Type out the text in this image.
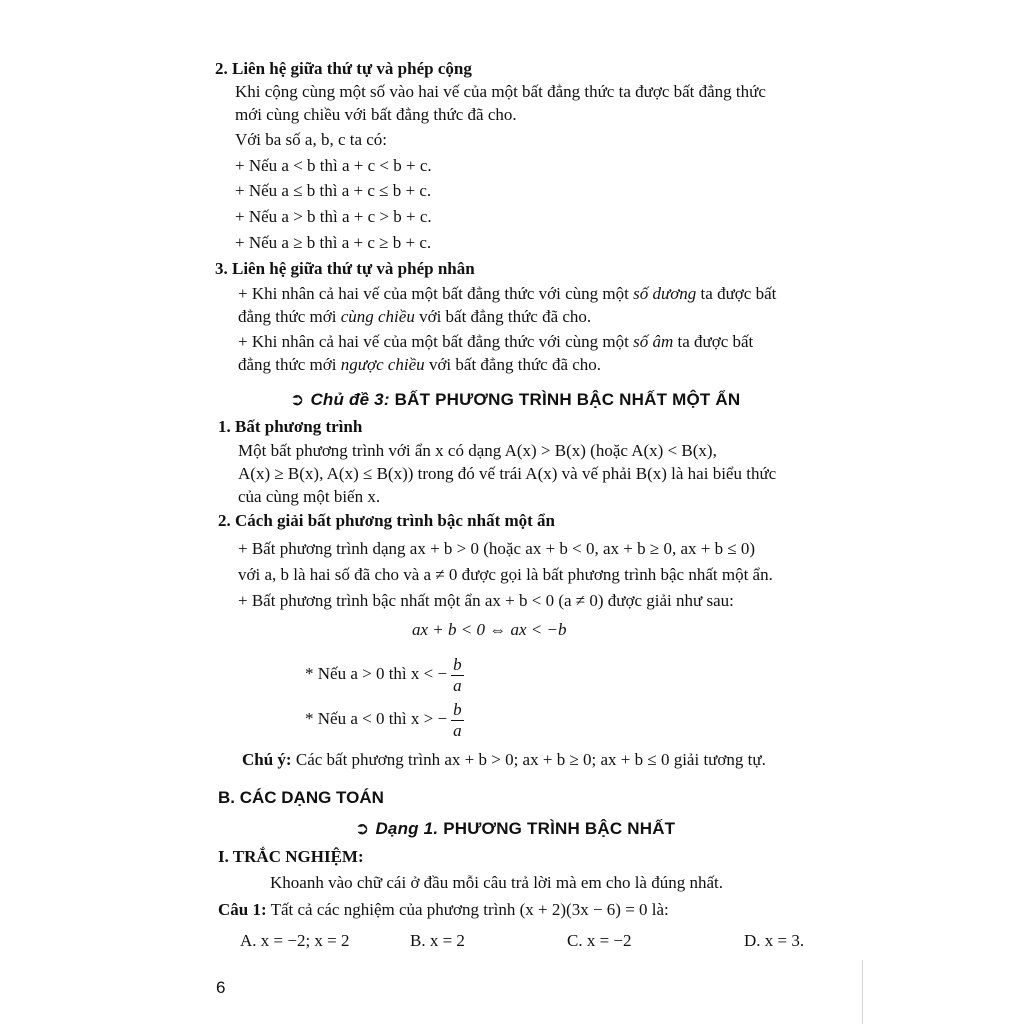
2. Liên hệ giữa thứ tự và phép cộng
Khi cộng cùng một số vào hai vế của một bất đẳng thức ta được bất đẳng thức
mới cùng chiều với bất đẳng thức đã cho.
Với ba số a, b, c ta có:
+ Nếu a < b thì a + c < b + c.
+ Nếu a ≤ b thì a + c ≤ b + c.
+ Nếu a > b thì a + c > b + c.
+ Nếu a ≥ b thì a + c ≥ b + c.
3. Liên hệ giữa thứ tự và phép nhân
+ Khi nhân cả hai vế của một bất đẳng thức với cùng một số dương ta được bất
đẳng thức mới cùng chiều với bất đẳng thức đã cho.
+ Khi nhân cả hai vế của một bất đẳng thức với cùng một số âm ta được bất
đẳng thức mới ngược chiều với bất đẳng thức đã cho.
➲ Chủ đề 3: BẤT PHƯƠNG TRÌNH BẬC NHẤT MỘT ẨN
1. Bất phương trình
Một bất phương trình với ẩn x có dạng A(x) > B(x) (hoặc A(x) < B(x),
A(x) ≥ B(x), A(x) ≤ B(x)) trong đó vế trái A(x) và vế phải B(x) là hai biểu thức
của cùng một biến x.
2. Cách giải bất phương trình bậc nhất một ẩn
+ Bất phương trình dạng ax + b > 0 (hoặc ax + b < 0, ax + b ≥ 0, ax + b ≤ 0)
với a, b là hai số đã cho và a ≠ 0 được gọi là bất phương trình bậc nhất một ẩn.
+ Bất phương trình bậc nhất một ẩn ax + b < 0 (a ≠ 0) được giải như sau:
ax + b < 0 ⇔ ax < −b
* Nếu a > 0 thì x < − $\frac{b}{a}$
* Nếu a < 0 thì x > − $\frac{b}{a}$
Chú ý: Các bất phương trình ax + b > 0; ax + b ≥ 0; ax + b ≤ 0 giải tương tự.
B. CÁC DẠNG TOÁN
➲ Dạng 1. PHƯƠNG TRÌNH BẬC NHẤT
I. TRẮC NGHIỆM:
Khoanh vào chữ cái ở đầu mỗi câu trả lời mà em cho là đúng nhất.
Câu 1: Tất cả các nghiệm của phương trình (x + 2)(3x − 6) = 0 là:
A. x = −2; x = 2	B. x = 2	C. x = −2	D. x = 3.
6
